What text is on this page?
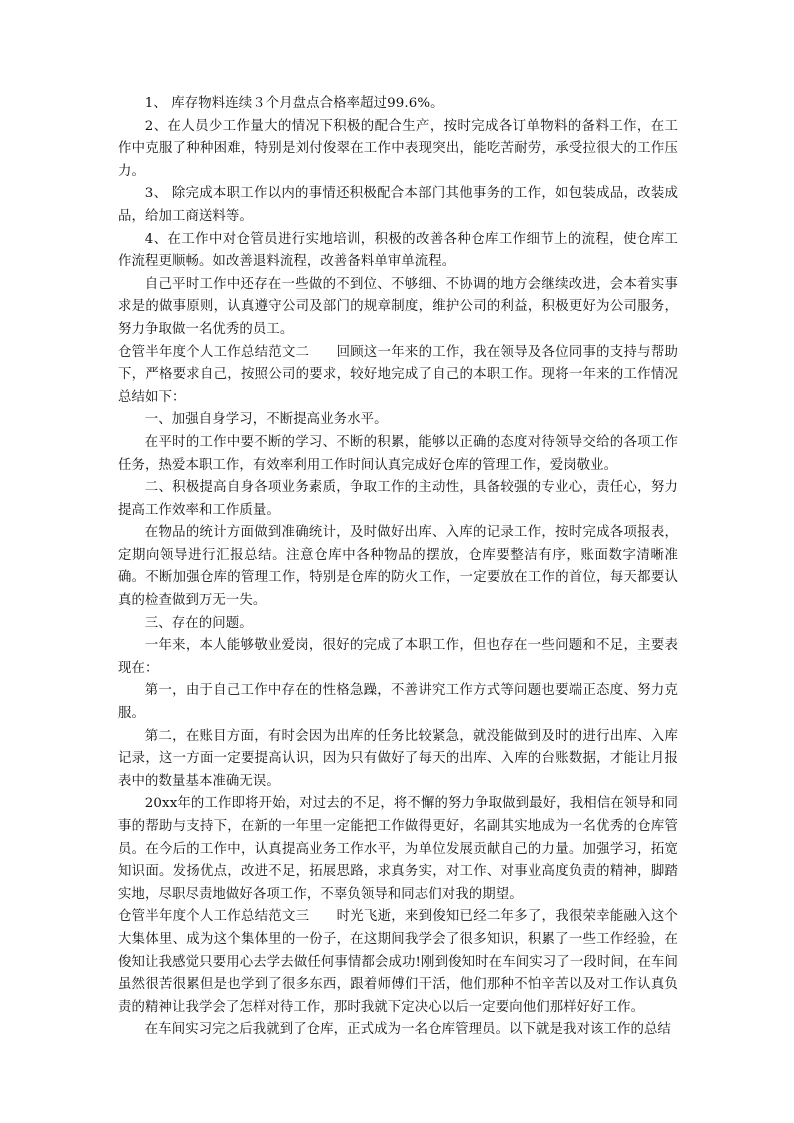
1、 库存物料连续３个月盘点合格率超过99.6%。

2、在人员少工作量大的情况下积极的配合生产，按时完成各订单物料的备料工作，在工作中克服了种种困难，特别是刘付俊翠在工作中表现突出，能吃苦耐劳，承受拉很大的工作压力。

3、 除完成本职工作以内的事情还积极配合本部门其他事务的工作，如包装成品，改装成品，给加工商送料等。

4、在工作中对仓管员进行实地培训，积极的改善各种仓库工作细节上的流程，使仓库工作流程更顺畅。如改善退料流程，改善备料单审单流程。

自己平时工作中还存在一些做的不到位、不够细、不协调的地方会继续改进，会本着实事求是的做事原则，认真遵守公司及部门的规章制度，维护公司的利益，积极更好为公司服务，努力争取做一名优秀的员工。

仓管半年度个人工作总结范文二　　回顾这一年来的工作，我在领导及各位同事的支持与帮助下，严格要求自己，按照公司的要求，较好地完成了自己的本职工作。现将一年来的工作情况总结如下：

一、加强自身学习，不断提高业务水平。

在平时的工作中要不断的学习、不断的积累，能够以正确的态度对待领导交给的各项工作任务，热爱本职工作，有效率利用工作时间认真完成好仓库的管理工作，爱岗敬业。

二、积极提高自身各项业务素质，争取工作的主动性，具备较强的专业心，责任心，努力提高工作效率和工作质量。

在物品的统计方面做到准确统计，及时做好出库、入库的记录工作，按时完成各项报表，定期向领导进行汇报总结。注意仓库中各种物品的摆放，仓库要整洁有序，账面数字清晰准确。不断加强仓库的管理工作，特别是仓库的防火工作，一定要放在工作的首位，每天都要认真的检查做到万无一失。

三、存在的问题。

一年来，本人能够敬业爱岗，很好的完成了本职工作，但也存在一些问题和不足，主要表现在：

第一，由于自己工作中存在的性格急躁，不善讲究工作方式等问题也要端正态度、努力克服。

第二，在账目方面，有时会因为出库的任务比较紧急，就没能做到及时的进行出库、入库记录，这一方面一定要提高认识，因为只有做好了每天的出库、入库的台账数据，才能让月报表中的数量基本准确无误。

20xx年的工作即将开始，对过去的不足，将不懈的努力争取做到最好，我相信在领导和同事的帮助与支持下，在新的一年里一定能把工作做得更好，名副其实地成为一名优秀的仓库管员。在今后的工作中，认真提高业务工作水平，为单位发展贡献自己的力量。加强学习，拓宽知识面。发扬优点，改进不足，拓展思路，求真务实，对工作、对事业高度负责的精神，脚踏实地，尽职尽责地做好各项工作，不辜负领导和同志们对我的期望。

仓管半年度个人工作总结范文三　　时光飞逝，来到俊知已经二年多了，我很荣幸能融入这个大集体里、成为这个集体里的一份子，在这期间我学会了很多知识，积累了一些工作经验，在俊知让我感觉只要用心去学去做任何事情都会成功!刚到俊知时在车间实习了一段时间，在车间虽然很苦很累但是也学到了很多东西，跟着师傅们干活，他们那种不怕辛苦以及对工作认真负责的精神让我学会了怎样对待工作，那时我就下定决心以后一定要向他们那样好好工作。

在车间实习完之后我就到了仓库，正式成为一名仓库管理员。以下就是我对该工作的总结
